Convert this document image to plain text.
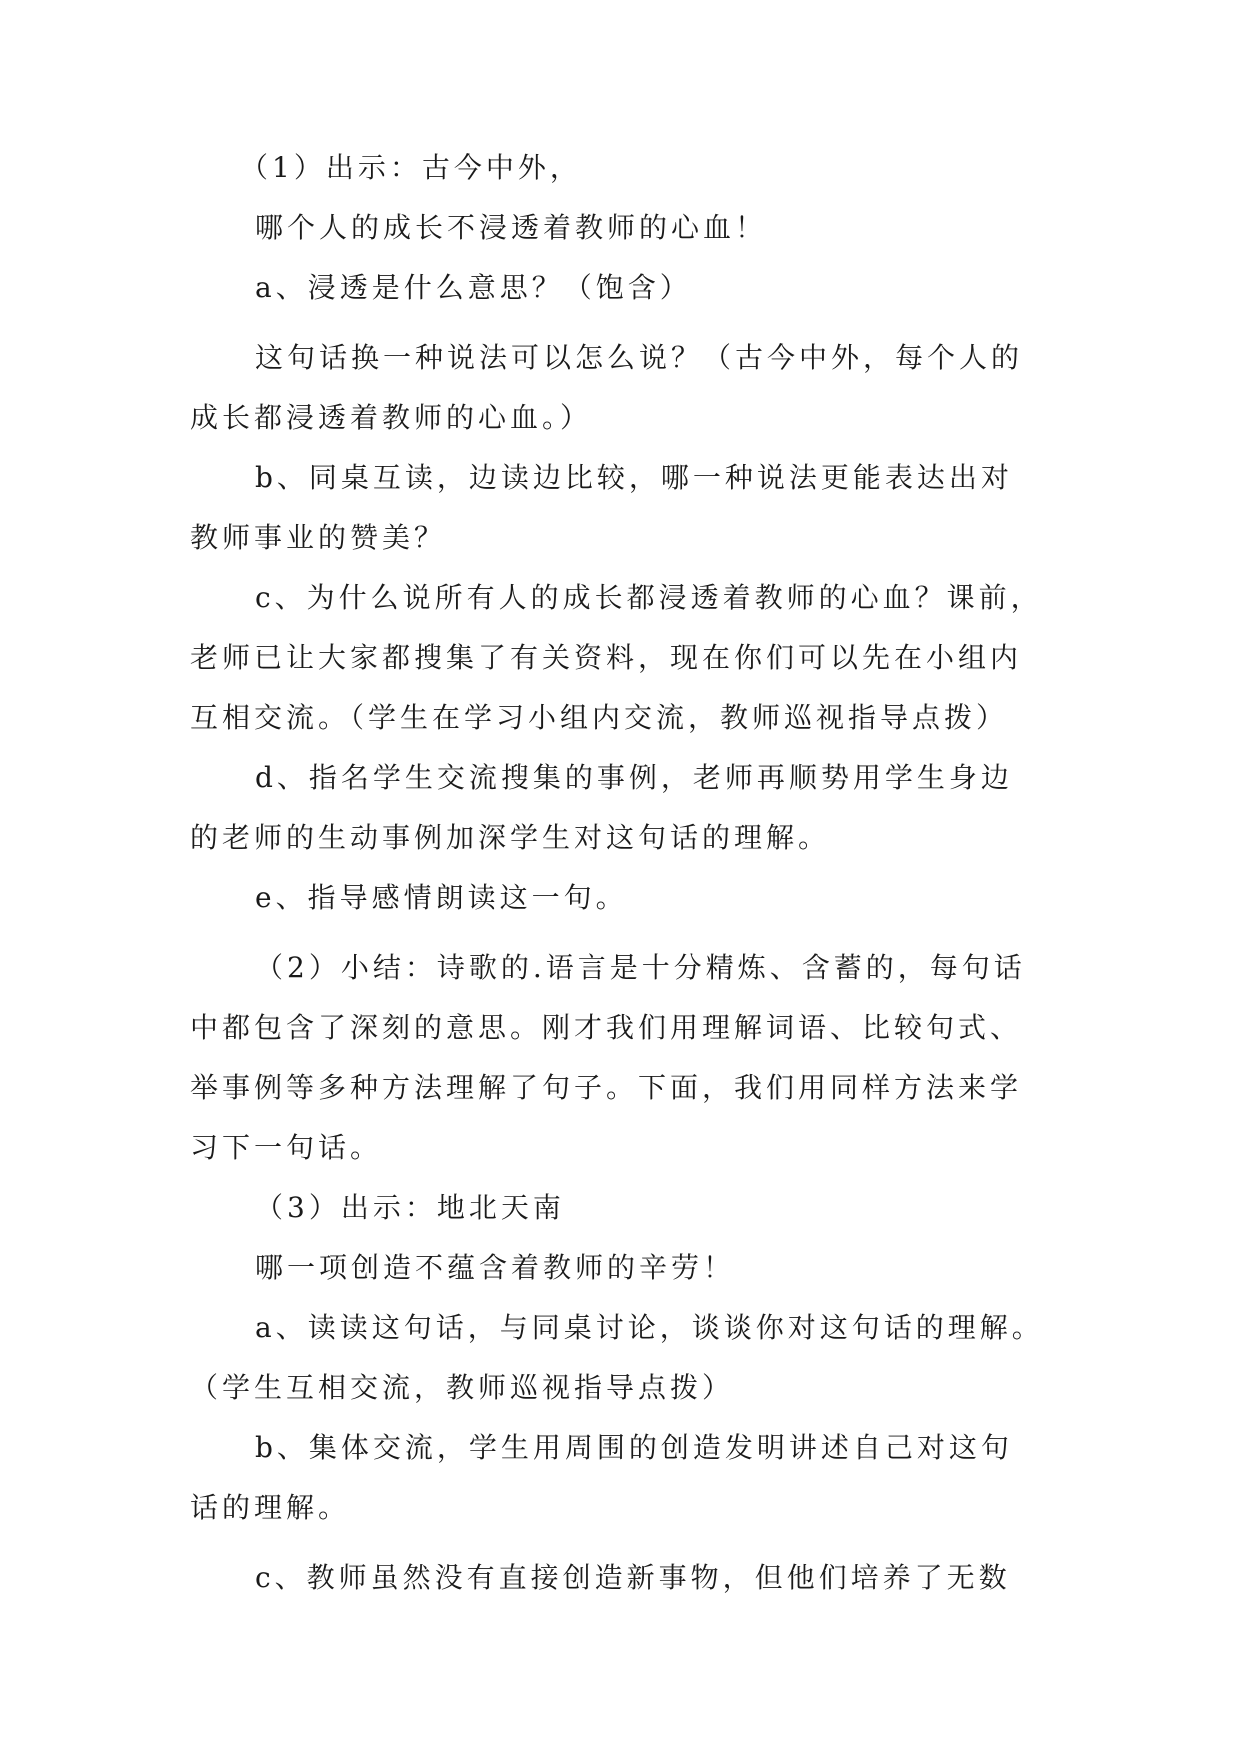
（1）出示：古今中外，
哪个人的成长不浸透着教师的心血！
a、浸透是什么意思？（饱含）
这句话换一种说法可以怎么说？（古今中外，每个人的
成长都浸透着教师的心血。）
b、同桌互读，边读边比较，哪一种说法更能表达出对
教师事业的赞美？
c、为什么说所有人的成长都浸透着教师的心血？课前，
老师已让大家都搜集了有关资料，现在你们可以先在小组内
互相交流。（学生在学习小组内交流，教师巡视指导点拨）
d、指名学生交流搜集的事例，老师再顺势用学生身边
的老师的生动事例加深学生对这句话的理解。
e、指导感情朗读这一句。
（2）小结：诗歌的.语言是十分精炼、含蓄的，每句话
中都包含了深刻的意思。刚才我们用理解词语、比较句式、
举事例等多种方法理解了句子。下面，我们用同样方法来学
习下一句话。
（3）出示：地北天南
哪一项创造不蕴含着教师的辛劳！
a、读读这句话，与同桌讨论，谈谈你对这句话的理解。
（学生互相交流，教师巡视指导点拨）
b、集体交流，学生用周围的创造发明讲述自己对这句
话的理解。
c、教师虽然没有直接创造新事物，但他们培养了无数
